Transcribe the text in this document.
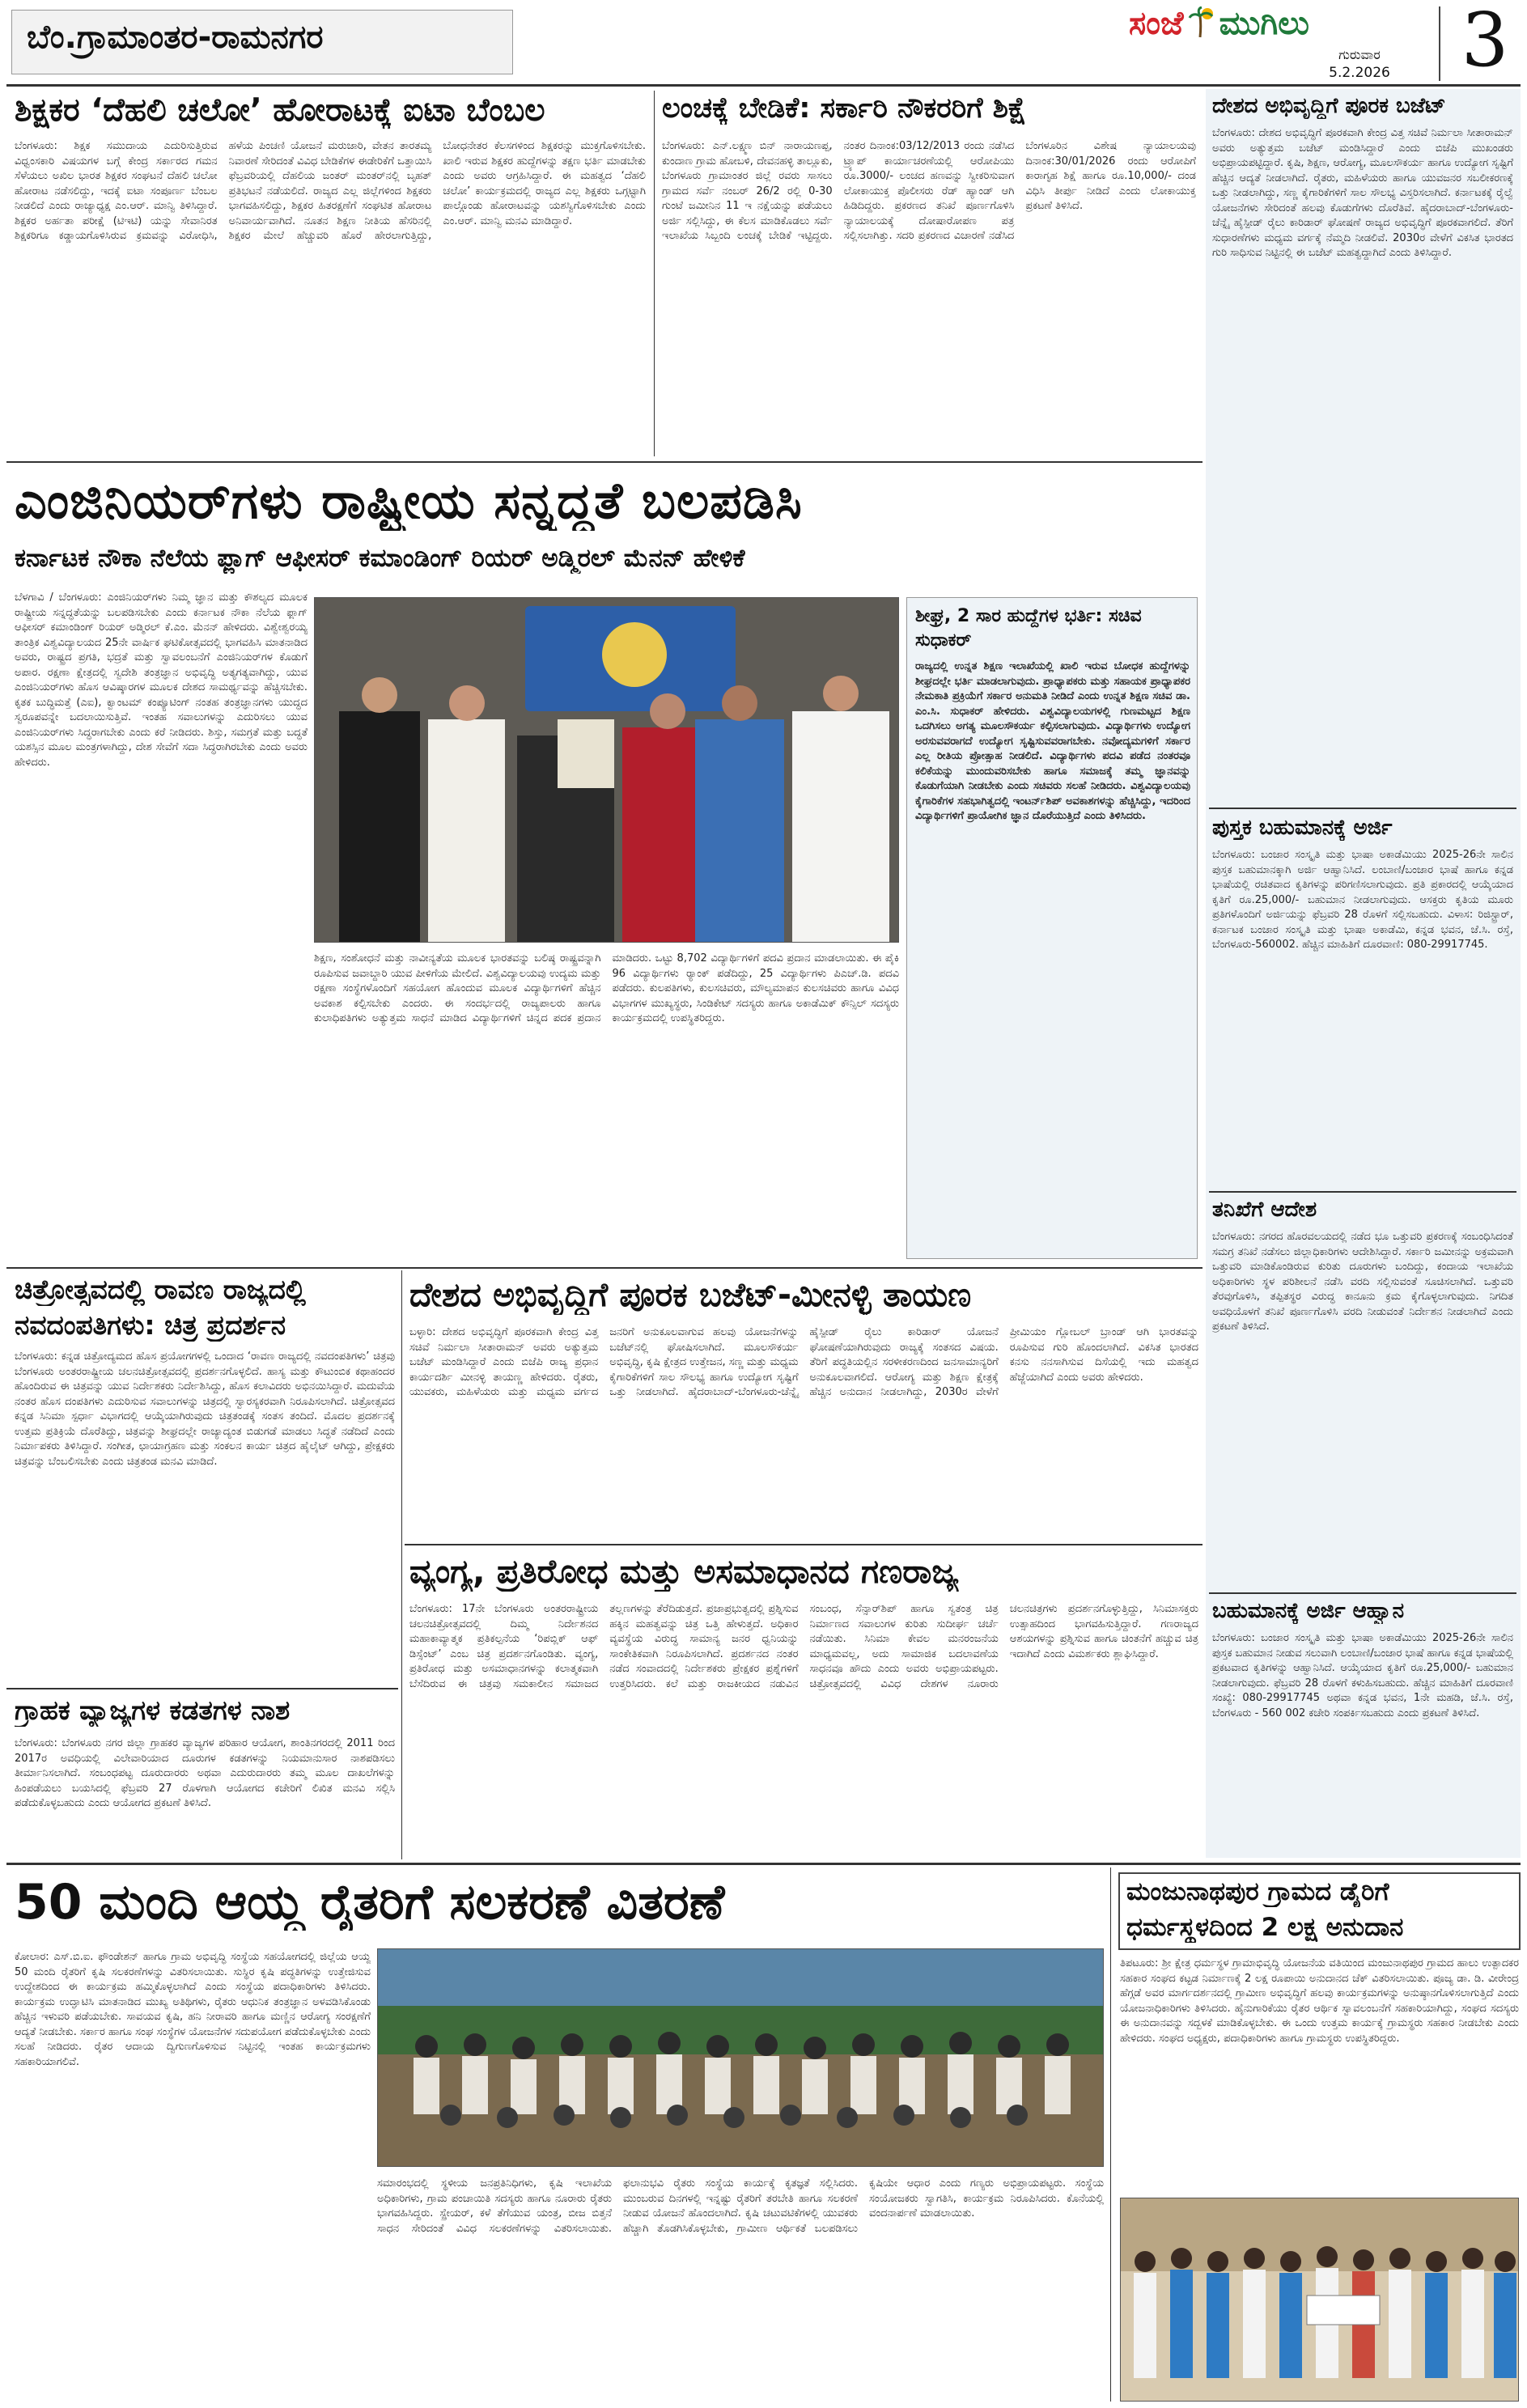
ಬೆಂ.ಗ್ರಾಮಾಂತರ-ರಾಮನಗರ	ಸಂಜೆ ಮುಗಿಲು
ಗುರುವಾರ
5.2.2026 3
ಶಿಕ್ಷಕರ ‘ದೆಹಲಿ ಚಲೋ’ ಹೋರಾಟಕ್ಕೆ ಐಟಾ ಬೆಂಬಲ
ಬೆಂಗಳೂರು: ಶಿಕ್ಷಕ ಸಮುದಾಯ ಎದುರಿಸುತ್ತಿರುವ ವಿಧ್ವಂಸಕಾರಿ ವಿಷಯಗಳ ಬಗ್ಗೆ ಕೇಂದ್ರ ಸರ್ಕಾರದ ಗಮನ ಸೆಳೆಯಲು ಅಖಿಲ ಭಾರತ ಶಿಕ್ಷಕರ ಸಂಘಟನೆ ದೆಹಲಿ ಚಲೋ ಹೋರಾಟ ನಡೆಸಲಿದ್ದು, ಇದಕ್ಕೆ ಐಟಾ ಸಂಪೂರ್ಣ ಬೆಂಬಲ ನೀಡಲಿದೆ ಎಂದು ರಾಜ್ಯಾಧ್ಯಕ್ಷ ಎಂ.ಆರ್. ಮಾನ್ವಿ ತಿಳಿಸಿದ್ದಾರೆ. ಶಿಕ್ಷಕರ ಅರ್ಹತಾ ಪರೀಕ್ಷೆ (ಟಿಇಟಿ) ಯನ್ನು ಸೇವಾನಿರತ ಶಿಕ್ಷಕರಿಗೂ ಕಡ್ಡಾಯಗೊಳಿಸಿರುವ ಕ್ರಮವನ್ನು ವಿರೋಧಿಸಿ, ಹಳೆಯ ಪಿಂಚಣಿ ಯೋಜನೆ ಮರುಜಾರಿ, ವೇತನ ತಾರತಮ್ಯ ನಿವಾರಣೆ ಸೇರಿದಂತೆ ವಿವಿಧ ಬೇಡಿಕೆಗಳ ಈಡೇರಿಕೆಗೆ ಒತ್ತಾಯಿಸಿ ಫೆಬ್ರವರಿಯಲ್ಲಿ ದೆಹಲಿಯ ಜಂತರ್ ಮಂತರ್‌ನಲ್ಲಿ ಬೃಹತ್ ಪ್ರತಿಭಟನೆ ನಡೆಯಲಿದೆ. ರಾಜ್ಯದ ಎಲ್ಲ ಜಿಲ್ಲೆಗಳಿಂದ ಶಿಕ್ಷಕರು ಭಾಗವಹಿಸಲಿದ್ದು, ಶಿಕ್ಷಕರ ಹಿತರಕ್ಷಣೆಗೆ ಸಂಘಟಿತ ಹೋರಾಟ ಅನಿವಾರ್ಯವಾಗಿದೆ. ನೂತನ ಶಿಕ್ಷಣ ನೀತಿಯ ಹೆಸರಿನಲ್ಲಿ ಶಿಕ್ಷಕರ ಮೇಲೆ ಹೆಚ್ಚುವರಿ ಹೊರೆ ಹೇರಲಾಗುತ್ತಿದ್ದು, ಬೋಧನೇತರ ಕೆಲಸಗಳಿಂದ ಶಿಕ್ಷಕರನ್ನು ಮುಕ್ತಗೊಳಿಸಬೇಕು. ಖಾಲಿ ಇರುವ ಶಿಕ್ಷಕರ ಹುದ್ದೆಗಳನ್ನು ತಕ್ಷಣ ಭರ್ತಿ ಮಾಡಬೇಕು ಎಂದು ಅವರು ಆಗ್ರಹಿಸಿದ್ದಾರೆ. ಈ ಮಹತ್ವದ ‘ದೆಹಲಿ ಚಲೋ’ ಕಾರ್ಯಕ್ರಮದಲ್ಲಿ ರಾಜ್ಯದ ಎಲ್ಲ ಶಿಕ್ಷಕರು ಒಗ್ಗಟ್ಟಾಗಿ ಪಾಲ್ಗೊಂಡು ಹೋರಾಟವನ್ನು ಯಶಸ್ವಿಗೊಳಿಸಬೇಕು ಎಂದು ಎಂ.ಆರ್. ಮಾನ್ವಿ ಮನವಿ ಮಾಡಿದ್ದಾರೆ.
ಲಂಚಕ್ಕೆ ಬೇಡಿಕೆ: ಸರ್ಕಾರಿ ನೌಕರರಿಗೆ ಶಿಕ್ಷೆ
ಬೆಂಗಳೂರು: ಎನ್.ಲಕ್ಷ್ಮಣ ಬಿನ್ ನಾರಾಯಣಪ್ಪ, ಕುಂದಾಣ ಗ್ರಾಮ ಹೋಬಳಿ, ದೇವನಹಳ್ಳಿ ತಾಲ್ಲೂಕು, ಬೆಂಗಳೂರು ಗ್ರಾಮಾಂತರ ಜಿಲ್ಲೆ ರವರು ಸಾಸಲು ಗ್ರಾಮದ ಸರ್ವೆ ನಂಬರ್ 26/2 ರಲ್ಲಿ 0-30 ಗುಂಟೆ ಜಮೀನಿನ 11 ಇ ನಕ್ಷೆಯನ್ನು ಪಡೆಯಲು ಅರ್ಜಿ ಸಲ್ಲಿಸಿದ್ದು, ಈ ಕೆಲಸ ಮಾಡಿಕೊಡಲು ಸರ್ವೆ ಇಲಾಖೆಯ ಸಿಬ್ಬಂದಿ ಲಂಚಕ್ಕೆ ಬೇಡಿಕೆ ಇಟ್ಟಿದ್ದರು. ನಂತರ ದಿನಾಂಕ:03/12/2013 ರಂದು ನಡೆಸಿದ ಟ್ರ್ಯಾಪ್ ಕಾರ್ಯಾಚರಣೆಯಲ್ಲಿ ಆರೋಪಿಯು ರೂ.3000/- ಲಂಚದ ಹಣವನ್ನು ಸ್ವೀಕರಿಸುವಾಗ ಲೋಕಾಯುಕ್ತ ಪೊಲೀಸರು ರೆಡ್ ಹ್ಯಾಂಡ್ ಆಗಿ ಹಿಡಿದಿದ್ದರು. ಪ್ರಕರಣದ ತನಿಖೆ ಪೂರ್ಣಗೊಳಿಸಿ ನ್ಯಾಯಾಲಯಕ್ಕೆ ದೋಷಾರೋಪಣ ಪತ್ರ ಸಲ್ಲಿಸಲಾಗಿತ್ತು. ಸದರಿ ಪ್ರಕರಣದ ವಿಚಾರಣೆ ನಡೆಸಿದ ಬೆಂಗಳೂರಿನ ವಿಶೇಷ ನ್ಯಾಯಾಲಯವು ದಿನಾಂಕ:30/01/2026 ರಂದು ಆರೋಪಿಗೆ ಕಾರಾಗೃಹ ಶಿಕ್ಷೆ ಹಾಗೂ ರೂ.10,000/- ದಂಡ ವಿಧಿಸಿ ತೀರ್ಪು ನೀಡಿದೆ ಎಂದು ಲೋಕಾಯುಕ್ತ ಪ್ರಕಟಣೆ ತಿಳಿಸಿದೆ.
ದೇಶದ ಅಭಿವೃದ್ಧಿಗೆ ಪೂರಕ ಬಜೆಟ್
ಬೆಂಗಳೂರು: ದೇಶದ ಅಭಿವೃದ್ಧಿಗೆ ಪೂರಕವಾಗಿ ಕೇಂದ್ರ ವಿತ್ತ ಸಚಿವೆ ನಿರ್ಮಲಾ ಸೀತಾರಾಮನ್ ಅವರು ಅತ್ಯುತ್ತಮ ಬಜೆಟ್ ಮಂಡಿಸಿದ್ದಾರೆ ಎಂದು ಬಿಜೆಪಿ ಮುಖಂಡರು ಅಭಿಪ್ರಾಯಪಟ್ಟಿದ್ದಾರೆ. ಕೃಷಿ, ಶಿಕ್ಷಣ, ಆರೋಗ್ಯ, ಮೂಲಸೌಕರ್ಯ ಹಾಗೂ ಉದ್ಯೋಗ ಸೃಷ್ಟಿಗೆ ಹೆಚ್ಚಿನ ಆದ್ಯತೆ ನೀಡಲಾಗಿದೆ. ರೈತರು, ಮಹಿಳೆಯರು ಹಾಗೂ ಯುವಜನರ ಸಬಲೀಕರಣಕ್ಕೆ ಒತ್ತು ನೀಡಲಾಗಿದ್ದು, ಸಣ್ಣ ಕೈಗಾರಿಕೆಗಳಿಗೆ ಸಾಲ ಸೌಲಭ್ಯ ವಿಸ್ತರಿಸಲಾಗಿದೆ. ಕರ್ನಾಟಕಕ್ಕೆ ರೈಲ್ವೆ ಯೋಜನೆಗಳು ಸೇರಿದಂತೆ ಹಲವು ಕೊಡುಗೆಗಳು ದೊರೆತಿವೆ. ಹೈದರಾಬಾದ್-ಬೆಂಗಳೂರು-ಚೆನ್ನೈ ಹೈಸ್ಪೀಡ್ ರೈಲು ಕಾರಿಡಾರ್ ಘೋಷಣೆ ರಾಜ್ಯದ ಅಭಿವೃದ್ಧಿಗೆ ಪೂರಕವಾಗಲಿದೆ. ತೆರಿಗೆ ಸುಧಾರಣೆಗಳು ಮಧ್ಯಮ ವರ್ಗಕ್ಕೆ ನೆಮ್ಮದಿ ನೀಡಲಿವೆ. 2030ರ ವೇಳೆಗೆ ವಿಕಸಿತ ಭಾರತದ ಗುರಿ ಸಾಧಿಸುವ ನಿಟ್ಟಿನಲ್ಲಿ ಈ ಬಜೆಟ್ ಮಹತ್ವದ್ದಾಗಿದೆ ಎಂದು ತಿಳಿಸಿದ್ದಾರೆ.
ಪುಸ್ತಕ ಬಹುಮಾನಕ್ಕೆ ಅರ್ಜಿ
ಬೆಂಗಳೂರು: ಬಂಜಾರ ಸಂಸ್ಕೃತಿ ಮತ್ತು ಭಾಷಾ ಅಕಾಡೆಮಿಯು 2025-26ನೇ ಸಾಲಿನ ಪುಸ್ತಕ ಬಹುಮಾನಕ್ಕಾಗಿ ಅರ್ಜಿ ಆಹ್ವಾನಿಸಿದೆ. ಲಂಬಾಣಿ/ಬಂಜಾರ ಭಾಷೆ ಹಾಗೂ ಕನ್ನಡ ಭಾಷೆಯಲ್ಲಿ ರಚಿತವಾದ ಕೃತಿಗಳನ್ನು ಪರಿಗಣಿಸಲಾಗುವುದು. ಪ್ರತಿ ಪ್ರಕಾರದಲ್ಲಿ ಆಯ್ಕೆಯಾದ ಕೃತಿಗೆ ರೂ.25,000/- ಬಹುಮಾನ ನೀಡಲಾಗುವುದು. ಆಸಕ್ತರು ಕೃತಿಯ ಮೂರು ಪ್ರತಿಗಳೊಂದಿಗೆ ಅರ್ಜಿಯನ್ನು ಫೆಬ್ರವರಿ 28 ರೊಳಗೆ ಸಲ್ಲಿಸಬಹುದು. ವಿಳಾಸ: ರಿಜಿಸ್ಟ್ರಾರ್, ಕರ್ನಾಟಕ ಬಂಜಾರ ಸಂಸ್ಕೃತಿ ಮತ್ತು ಭಾಷಾ ಅಕಾಡೆಮಿ, ಕನ್ನಡ ಭವನ, ಜೆ.ಸಿ. ರಸ್ತೆ, ಬೆಂಗಳೂರು-560002. ಹೆಚ್ಚಿನ ಮಾಹಿತಿಗೆ ದೂರವಾಣಿ: 080-29917745.
ತನಿಖೆಗೆ ಆದೇಶ
ಬೆಂಗಳೂರು: ನಗರದ ಹೊರವಲಯದಲ್ಲಿ ನಡೆದ ಭೂ ಒತ್ತುವರಿ ಪ್ರಕರಣಕ್ಕೆ ಸಂಬಂಧಿಸಿದಂತೆ ಸಮಗ್ರ ತನಿಖೆ ನಡೆಸಲು ಜಿಲ್ಲಾಧಿಕಾರಿಗಳು ಆದೇಶಿಸಿದ್ದಾರೆ. ಸರ್ಕಾರಿ ಜಮೀನನ್ನು ಅಕ್ರಮವಾಗಿ ಒತ್ತುವರಿ ಮಾಡಿಕೊಂಡಿರುವ ಕುರಿತು ದೂರುಗಳು ಬಂದಿದ್ದು, ಕಂದಾಯ ಇಲಾಖೆಯ ಅಧಿಕಾರಿಗಳು ಸ್ಥಳ ಪರಿಶೀಲನೆ ನಡೆಸಿ ವರದಿ ಸಲ್ಲಿಸುವಂತೆ ಸೂಚಿಸಲಾಗಿದೆ. ಒತ್ತುವರಿ ತೆರವುಗೊಳಿಸಿ, ತಪ್ಪಿತಸ್ಥರ ವಿರುದ್ಧ ಕಾನೂನು ಕ್ರಮ ಕೈಗೊಳ್ಳಲಾಗುವುದು. ನಿಗದಿತ ಅವಧಿಯೊಳಗೆ ತನಿಖೆ ಪೂರ್ಣಗೊಳಿಸಿ ವರದಿ ನೀಡುವಂತೆ ನಿರ್ದೇಶನ ನೀಡಲಾಗಿದೆ ಎಂದು ಪ್ರಕಟಣೆ ತಿಳಿಸಿದೆ.
ಬಹುಮಾನಕ್ಕೆ ಅರ್ಜಿ ಆಹ್ವಾನ
ಬೆಂಗಳೂರು: ಬಂಜಾರ ಸಂಸ್ಕೃತಿ ಮತ್ತು ಭಾಷಾ ಅಕಾಡೆಮಿಯು 2025-26ನೇ ಸಾಲಿನ ಪುಸ್ತಕ ಬಹುಮಾನ ನೀಡುವ ಸಲುವಾಗಿ ಲಂಬಾಣಿ/ಬಂಜಾರ ಭಾಷೆ ಹಾಗೂ ಕನ್ನಡ ಭಾಷೆಯಲ್ಲಿ ಪ್ರಕಟವಾದ ಕೃತಿಗಳನ್ನು ಆಹ್ವಾನಿಸಿದೆ. ಆಯ್ಕೆಯಾದ ಕೃತಿಗೆ ರೂ.25,000/- ಬಹುಮಾನ ನೀಡಲಾಗುವುದು. ಫೆಬ್ರವರಿ 28 ರೊಳಗೆ ಕಳುಹಿಸಬಹುದು. ಹೆಚ್ಚಿನ ಮಾಹಿತಿಗೆ ದೂರವಾಣಿ ಸಂಖ್ಯೆ: 080-29917745 ಅಥವಾ ಕನ್ನಡ ಭವನ, 1ನೇ ಮಹಡಿ, ಜೆ.ಸಿ. ರಸ್ತೆ, ಬೆಂಗಳೂರು - 560 002 ಕಚೇರಿ ಸಂಪರ್ಕಿಸಬಹುದು ಎಂದು ಪ್ರಕಟಣೆ ತಿಳಿಸಿದೆ.
ಎಂಜಿನಿಯರ್‌ಗಳು ರಾಷ್ಟ್ರೀಯ ಸನ್ನದ್ಧತೆ ಬಲಪಡಿಸಿ
ಕರ್ನಾಟಕ ನೌಕಾ ನೆಲೆಯ ಫ್ಲಾಗ್ ಆಫೀಸರ್ ಕಮಾಂಡಿಂಗ್ ರಿಯರ್ ಅಡ್ಮಿರಲ್ ಮೆನನ್ ಹೇಳಿಕೆ
ಬೆಳಗಾವಿ / ಬೆಂಗಳೂರು: ಎಂಜಿನಿಯರ್‌ಗಳು ನಿಮ್ಮ ಜ್ಞಾನ ಮತ್ತು ಕೌಶಲ್ಯದ ಮೂಲಕ ರಾಷ್ಟ್ರೀಯ ಸನ್ನದ್ಧತೆಯನ್ನು ಬಲಪಡಿಸಬೇಕು ಎಂದು ಕರ್ನಾಟಕ ನೌಕಾ ನೆಲೆಯ ಫ್ಲಾಗ್ ಆಫೀಸರ್ ಕಮಾಂಡಿಂಗ್ ರಿಯರ್ ಅಡ್ಮಿರಲ್ ಕೆ.ಎಂ. ಮೆನನ್ ಹೇಳಿದರು. ವಿಶ್ವೇಶ್ವರಯ್ಯ ತಾಂತ್ರಿಕ ವಿಶ್ವವಿದ್ಯಾಲಯದ 25ನೇ ವಾರ್ಷಿಕ ಘಟಿಕೋತ್ಸವದಲ್ಲಿ ಭಾಗವಹಿಸಿ ಮಾತನಾಡಿದ ಅವರು, ರಾಷ್ಟ್ರದ ಪ್ರಗತಿ, ಭದ್ರತೆ ಮತ್ತು ಸ್ವಾವಲಂಬನೆಗೆ ಎಂಜಿನಿಯರ್‌ಗಳ ಕೊಡುಗೆ ಅಪಾರ. ರಕ್ಷಣಾ ಕ್ಷೇತ್ರದಲ್ಲಿ ಸ್ವದೇಶಿ ತಂತ್ರಜ್ಞಾನ ಅಭಿವೃದ್ಧಿ ಅತ್ಯಗತ್ಯವಾಗಿದ್ದು, ಯುವ ಎಂಜಿನಿಯರ್‌ಗಳು ಹೊಸ ಆವಿಷ್ಕಾರಗಳ ಮೂಲಕ ದೇಶದ ಸಾಮರ್ಥ್ಯವನ್ನು ಹೆಚ್ಚಿಸಬೇಕು. ಕೃತಕ ಬುದ್ಧಿಮತ್ತೆ (ಎಐ), ಕ್ವಾಂಟಮ್ ಕಂಪ್ಯೂಟಿಂಗ್ ನಂತಹ ತಂತ್ರಜ್ಞಾನಗಳು ಯುದ್ಧದ ಸ್ವರೂಪವನ್ನೇ ಬದಲಾಯಿಸುತ್ತಿವೆ. ಇಂತಹ ಸವಾಲುಗಳನ್ನು ಎದುರಿಸಲು ಯುವ ಎಂಜಿನಿಯರ್‌ಗಳು ಸಿದ್ಧರಾಗಬೇಕು ಎಂದು ಕರೆ ನೀಡಿದರು. ಶಿಸ್ತು, ಸಮಗ್ರತೆ ಮತ್ತು ಬದ್ಧತೆ ಯಶಸ್ಸಿನ ಮೂಲ ಮಂತ್ರಗಳಾಗಿದ್ದು, ದೇಶ ಸೇವೆಗೆ ಸದಾ ಸಿದ್ಧರಾಗಿರಬೇಕು ಎಂದು ಅವರು ಹೇಳಿದರು.
ಶಿಕ್ಷಣ, ಸಂಶೋಧನೆ ಮತ್ತು ನಾವೀನ್ಯತೆಯ ಮೂಲಕ ಭಾರತವನ್ನು ಬಲಿಷ್ಠ ರಾಷ್ಟ್ರವನ್ನಾಗಿ ರೂಪಿಸುವ ಜವಾಬ್ದಾರಿ ಯುವ ಪೀಳಿಗೆಯ ಮೇಲಿದೆ. ವಿಶ್ವವಿದ್ಯಾಲಯವು ಉದ್ಯಮ ಮತ್ತು ರಕ್ಷಣಾ ಸಂಸ್ಥೆಗಳೊಂದಿಗೆ ಸಹಯೋಗ ಹೊಂದುವ ಮೂಲಕ ವಿದ್ಯಾರ್ಥಿಗಳಿಗೆ ಹೆಚ್ಚಿನ ಅವಕಾಶ ಕಲ್ಪಿಸಬೇಕು ಎಂದರು. ಈ ಸಂದರ್ಭದಲ್ಲಿ ರಾಜ್ಯಪಾಲರು ಹಾಗೂ ಕುಲಾಧಿಪತಿಗಳು ಅತ್ಯುತ್ತಮ ಸಾಧನೆ ಮಾಡಿದ ವಿದ್ಯಾರ್ಥಿಗಳಿಗೆ ಚಿನ್ನದ ಪದಕ ಪ್ರದಾನ ಮಾಡಿದರು. ಒಟ್ಟು 8,702 ವಿದ್ಯಾರ್ಥಿಗಳಿಗೆ ಪದವಿ ಪ್ರದಾನ ಮಾಡಲಾಯಿತು. ಈ ಪೈಕಿ 96 ವಿದ್ಯಾರ್ಥಿಗಳು ರ್‍ಯಾಂಕ್ ಪಡೆದಿದ್ದು, 25 ವಿದ್ಯಾರ್ಥಿಗಳು ಪಿಎಚ್.ಡಿ. ಪದವಿ ಪಡೆದರು. ಕುಲಪತಿಗಳು, ಕುಲಸಚಿವರು, ಮೌಲ್ಯಮಾಪನ ಕುಲಸಚಿವರು ಹಾಗೂ ವಿವಿಧ ವಿಭಾಗಗಳ ಮುಖ್ಯಸ್ಥರು, ಸಿಂಡಿಕೇಟ್ ಸದಸ್ಯರು ಹಾಗೂ ಅಕಾಡೆಮಿಕ್ ಕೌನ್ಸಿಲ್ ಸದಸ್ಯರು ಕಾರ್ಯಕ್ರಮದಲ್ಲಿ ಉಪಸ್ಥಿತರಿದ್ದರು.
ಶೀಘ್ರ, 2 ಸಾರ ಹುದ್ದೆಗಳ ಭರ್ತಿ: ಸಚಿವ ಸುಧಾಕರ್
ರಾಜ್ಯದಲ್ಲಿ ಉನ್ನತ ಶಿಕ್ಷಣ ಇಲಾಖೆಯಲ್ಲಿ ಖಾಲಿ ಇರುವ ಬೋಧಕ ಹುದ್ದೆಗಳನ್ನು ಶೀಘ್ರದಲ್ಲೇ ಭರ್ತಿ ಮಾಡಲಾಗುವುದು. ಪ್ರಾಧ್ಯಾಪಕರು ಮತ್ತು ಸಹಾಯಕ ಪ್ರಾಧ್ಯಾಪಕರ ನೇಮಕಾತಿ ಪ್ರಕ್ರಿಯೆಗೆ ಸರ್ಕಾರ ಅನುಮತಿ ನೀಡಿದೆ ಎಂದು ಉನ್ನತ ಶಿಕ್ಷಣ ಸಚಿವ ಡಾ. ಎಂ.ಸಿ. ಸುಧಾಕರ್ ಹೇಳಿದರು. ವಿಶ್ವವಿದ್ಯಾಲಯಗಳಲ್ಲಿ ಗುಣಮಟ್ಟದ ಶಿಕ್ಷಣ ಒದಗಿಸಲು ಅಗತ್ಯ ಮೂಲಸೌಕರ್ಯ ಕಲ್ಪಿಸಲಾಗುವುದು. ವಿದ್ಯಾರ್ಥಿಗಳು ಉದ್ಯೋಗ ಅರಸುವವರಾಗದೆ ಉದ್ಯೋಗ ಸೃಷ್ಟಿಸುವವರಾಗಬೇಕು. ನವೋದ್ಯಮಗಳಿಗೆ ಸರ್ಕಾರ ಎಲ್ಲ ರೀತಿಯ ಪ್ರೋತ್ಸಾಹ ನೀಡಲಿದೆ. ವಿದ್ಯಾರ್ಥಿಗಳು ಪದವಿ ಪಡೆದ ನಂತರವೂ ಕಲಿಕೆಯನ್ನು ಮುಂದುವರಿಸಬೇಕು ಹಾಗೂ ಸಮಾಜಕ್ಕೆ ತಮ್ಮ ಜ್ಞಾನವನ್ನು ಕೊಡುಗೆಯಾಗಿ ನೀಡಬೇಕು ಎಂದು ಸಚಿವರು ಸಲಹೆ ನೀಡಿದರು. ವಿಶ್ವವಿದ್ಯಾಲಯವು ಕೈಗಾರಿಕೆಗಳ ಸಹಭಾಗಿತ್ವದಲ್ಲಿ ಇಂಟರ್ನ್‌ಶಿಪ್ ಅವಕಾಶಗಳನ್ನು ಹೆಚ್ಚಿಸಿದ್ದು, ಇದರಿಂದ ವಿದ್ಯಾರ್ಥಿಗಳಿಗೆ ಪ್ರಾಯೋಗಿಕ ಜ್ಞಾನ ದೊರೆಯುತ್ತಿದೆ ಎಂದು ತಿಳಿಸಿದರು.
ಚಿತ್ರೋತ್ಸವದಲ್ಲಿ ರಾವಣ ರಾಜ್ಯದಲ್ಲಿ
ನವದಂಪತಿಗಳು: ಚಿತ್ರ ಪ್ರದರ್ಶನ
ಬೆಂಗಳೂರು: ಕನ್ನಡ ಚಿತ್ರೋದ್ಯಮದ ಹೊಸ ಪ್ರಯೋಗಗಳಲ್ಲಿ ಒಂದಾದ ‘ರಾವಣ ರಾಜ್ಯದಲ್ಲಿ ನವದಂಪತಿಗಳು’ ಚಿತ್ರವು ಬೆಂಗಳೂರು ಅಂತರರಾಷ್ಟ್ರೀಯ ಚಲನಚಿತ್ರೋತ್ಸವದಲ್ಲಿ ಪ್ರದರ್ಶನಗೊಳ್ಳಲಿದೆ. ಹಾಸ್ಯ ಮತ್ತು ಕೌಟುಂಬಿಕ ಕಥಾಹಂದರ ಹೊಂದಿರುವ ಈ ಚಿತ್ರವನ್ನು ಯುವ ನಿರ್ದೇಶಕರು ನಿರ್ದೇಶಿಸಿದ್ದು, ಹೊಸ ಕಲಾವಿದರು ಅಭಿನಯಿಸಿದ್ದಾರೆ. ಮದುವೆಯ ನಂತರ ಹೊಸ ದಂಪತಿಗಳು ಎದುರಿಸುವ ಸವಾಲುಗಳನ್ನು ಚಿತ್ರದಲ್ಲಿ ಸ್ವಾರಸ್ಯಕರವಾಗಿ ನಿರೂಪಿಸಲಾಗಿದೆ. ಚಿತ್ರೋತ್ಸವದ ಕನ್ನಡ ಸಿನಿಮಾ ಸ್ಪರ್ಧಾ ವಿಭಾಗದಲ್ಲಿ ಆಯ್ಕೆಯಾಗಿರುವುದು ಚಿತ್ರತಂಡಕ್ಕೆ ಸಂತಸ ತಂದಿದೆ. ಮೊದಲ ಪ್ರದರ್ಶನಕ್ಕೆ ಉತ್ತಮ ಪ್ರತಿಕ್ರಿಯೆ ದೊರೆತಿದ್ದು, ಚಿತ್ರವನ್ನು ಶೀಘ್ರದಲ್ಲೇ ರಾಜ್ಯಾದ್ಯಂತ ಬಿಡುಗಡೆ ಮಾಡಲು ಸಿದ್ಧತೆ ನಡೆದಿದೆ ಎಂದು ನಿರ್ಮಾಪಕರು ತಿಳಿಸಿದ್ದಾರೆ. ಸಂಗೀತ, ಛಾಯಾಗ್ರಹಣ ಮತ್ತು ಸಂಕಲನ ಕಾರ್ಯ ಚಿತ್ರದ ಹೈಲೈಟ್ ಆಗಿದ್ದು, ಪ್ರೇಕ್ಷಕರು ಚಿತ್ರವನ್ನು ಬೆಂಬಲಿಸಬೇಕು ಎಂದು ಚಿತ್ರತಂಡ ಮನವಿ ಮಾಡಿದೆ.
ಗ್ರಾಹಕ ವ್ಯಾಜ್ಯಗಳ ಕಡತಗಳ ನಾಶ
ಬೆಂಗಳೂರು: ಬೆಂಗಳೂರು ನಗರ ಜಿಲ್ಲಾ ಗ್ರಾಹಕರ ವ್ಯಾಜ್ಯಗಳ ಪರಿಹಾರ ಆಯೋಗ, ಶಾಂತಿನಗರದಲ್ಲಿ 2011 ರಿಂದ 2017ರ ಅವಧಿಯಲ್ಲಿ ವಿಲೇವಾರಿಯಾದ ದೂರುಗಳ ಕಡತಗಳನ್ನು ನಿಯಮಾನುಸಾರ ನಾಶಪಡಿಸಲು ತೀರ್ಮಾನಿಸಲಾಗಿದೆ. ಸಂಬಂಧಪಟ್ಟ ದೂರುದಾರರು ಅಥವಾ ಎದುರುದಾರರು ತಮ್ಮ ಮೂಲ ದಾಖಲೆಗಳನ್ನು ಹಿಂಪಡೆಯಲು ಬಯಸಿದಲ್ಲಿ ಫೆಬ್ರವರಿ 27 ರೊಳಗಾಗಿ ಆಯೋಗದ ಕಚೇರಿಗೆ ಲಿಖಿತ ಮನವಿ ಸಲ್ಲಿಸಿ ಪಡೆದುಕೊಳ್ಳಬಹುದು ಎಂದು ಆಯೋಗದ ಪ್ರಕಟಣೆ ತಿಳಿಸಿದೆ.
ದೇಶದ ಅಭಿವೃದ್ಧಿಗೆ ಪೂರಕ ಬಜೆಟ್-ಮೀನಳ್ಳಿ ತಾಯಣ
ಬಳ್ಳಾರಿ: ದೇಶದ ಅಭಿವೃದ್ಧಿಗೆ ಪೂರಕವಾಗಿ ಕೇಂದ್ರ ವಿತ್ತ ಸಚಿವೆ ನಿರ್ಮಲಾ ಸೀತಾರಾಮನ್ ಅವರು ಅತ್ಯುತ್ತಮ ಬಜೆಟ್ ಮಂಡಿಸಿದ್ದಾರೆ ಎಂದು ಬಿಜೆಪಿ ರಾಜ್ಯ ಪ್ರಧಾನ ಕಾರ್ಯದರ್ಶಿ ಮೀನಳ್ಳಿ ತಾಯಣ್ಣ ಹೇಳಿದರು. ರೈತರು, ಯುವಕರು, ಮಹಿಳೆಯರು ಮತ್ತು ಮಧ್ಯಮ ವರ್ಗದ ಜನರಿಗೆ ಅನುಕೂಲವಾಗುವ ಹಲವು ಯೋಜನೆಗಳನ್ನು ಬಜೆಟ್‌ನಲ್ಲಿ ಘೋಷಿಸಲಾಗಿದೆ. ಮೂಲಸೌಕರ್ಯ ಅಭಿವೃದ್ಧಿ, ಕೃಷಿ ಕ್ಷೇತ್ರದ ಉತ್ತೇಜನ, ಸಣ್ಣ ಮತ್ತು ಮಧ್ಯಮ ಕೈಗಾರಿಕೆಗಳಿಗೆ ಸಾಲ ಸೌಲಭ್ಯ ಹಾಗೂ ಉದ್ಯೋಗ ಸೃಷ್ಟಿಗೆ ಒತ್ತು ನೀಡಲಾಗಿದೆ. ಹೈದರಾಬಾದ್-ಬೆಂಗಳೂರು-ಚೆನ್ನೈ ಹೈಸ್ಪೀಡ್ ರೈಲು ಕಾರಿಡಾರ್ ಯೋಜನೆ ಘೋಷಣೆಯಾಗಿರುವುದು ರಾಜ್ಯಕ್ಕೆ ಸಂತಸದ ವಿಷಯ. ತೆರಿಗೆ ಪದ್ಧತಿಯಲ್ಲಿನ ಸರಳೀಕರಣದಿಂದ ಜನಸಾಮಾನ್ಯರಿಗೆ ಅನುಕೂಲವಾಗಲಿದೆ. ಆರೋಗ್ಯ ಮತ್ತು ಶಿಕ್ಷಣ ಕ್ಷೇತ್ರಕ್ಕೆ ಹೆಚ್ಚಿನ ಅನುದಾನ ನೀಡಲಾಗಿದ್ದು, 2030ರ ವೇಳೆಗೆ ಪ್ರೀಮಿಯಂ ಗ್ಲೋಬಲ್ ಬ್ರಾಂಡ್ ಆಗಿ ಭಾರತವನ್ನು ರೂಪಿಸುವ ಗುರಿ ಹೊಂದಲಾಗಿದೆ. ವಿಕಸಿತ ಭಾರತದ ಕನಸು ನನಸಾಗಿಸುವ ದಿಸೆಯಲ್ಲಿ ಇದು ಮಹತ್ವದ ಹೆಜ್ಜೆಯಾಗಿದೆ ಎಂದು ಅವರು ಹೇಳಿದರು.
ವ್ಯಂಗ್ಯ, ಪ್ರತಿರೋಧ ಮತ್ತು ಅಸಮಾಧಾನದ ಗಣರಾಜ್ಯ
ಬೆಂಗಳೂರು: 17ನೇ ಬೆಂಗಳೂರು ಅಂತರರಾಷ್ಟ್ರೀಯ ಚಲನಚಿತ್ರೋತ್ಸವದಲ್ಲಿ ದಿಮ್ಮ ನಿರ್ದೇಶನದ ಮಹಾಕಾವ್ಯಾತ್ಮಕ ಪ್ರತಿಕಲ್ಪನೆಯ ‘ರಿಪಬ್ಲಿಕ್ ಆಫ್ ಡಿಸ್ಸೆಂಟ್’ ಎಂಬ ಚಿತ್ರ ಪ್ರದರ್ಶನಗೊಂಡಿತು. ವ್ಯಂಗ್ಯ, ಪ್ರತಿರೋಧ ಮತ್ತು ಅಸಮಾಧಾನಗಳನ್ನು ಕಲಾತ್ಮಕವಾಗಿ ಬೆಸೆದಿರುವ ಈ ಚಿತ್ರವು ಸಮಕಾಲೀನ ಸಮಾಜದ ತಲ್ಲಣಗಳನ್ನು ತೆರೆದಿಡುತ್ತದೆ. ಪ್ರಜಾಪ್ರಭುತ್ವದಲ್ಲಿ ಪ್ರಶ್ನಿಸುವ ಹಕ್ಕಿನ ಮಹತ್ವವನ್ನು ಚಿತ್ರ ಒತ್ತಿ ಹೇಳುತ್ತದೆ. ಅಧಿಕಾರ ವ್ಯವಸ್ಥೆಯ ವಿರುದ್ಧ ಸಾಮಾನ್ಯ ಜನರ ಧ್ವನಿಯನ್ನು ಸಾಂಕೇತಿಕವಾಗಿ ನಿರೂಪಿಸಲಾಗಿದೆ. ಪ್ರದರ್ಶನದ ನಂತರ ನಡೆದ ಸಂವಾದದಲ್ಲಿ ನಿರ್ದೇಶಕರು ಪ್ರೇಕ್ಷಕರ ಪ್ರಶ್ನೆಗಳಿಗೆ ಉತ್ತರಿಸಿದರು. ಕಲೆ ಮತ್ತು ರಾಜಕೀಯದ ನಡುವಿನ ಸಂಬಂಧ, ಸೆನ್ಸಾರ್‌ಶಿಪ್ ಹಾಗೂ ಸ್ವತಂತ್ರ ಚಿತ್ರ ನಿರ್ಮಾಣದ ಸವಾಲುಗಳ ಕುರಿತು ಸುದೀರ್ಘ ಚರ್ಚೆ ನಡೆಯಿತು. ಸಿನಿಮಾ ಕೇವಲ ಮನರಂಜನೆಯ ಮಾಧ್ಯಮವಲ್ಲ, ಅದು ಸಾಮಾಜಿಕ ಬದಲಾವಣೆಯ ಸಾಧನವೂ ಹೌದು ಎಂದು ಅವರು ಅಭಿಪ್ರಾಯಪಟ್ಟರು. ಚಿತ್ರೋತ್ಸವದಲ್ಲಿ ವಿವಿಧ ದೇಶಗಳ ನೂರಾರು ಚಲನಚಿತ್ರಗಳು ಪ್ರದರ್ಶನಗೊಳ್ಳುತ್ತಿದ್ದು, ಸಿನಿಮಾಸಕ್ತರು ಉತ್ಸಾಹದಿಂದ ಭಾಗವಹಿಸುತ್ತಿದ್ದಾರೆ. ಗಣರಾಜ್ಯದ ಆಶಯಗಳನ್ನು ಪ್ರಶ್ನಿಸುವ ಹಾಗೂ ಚಿಂತನೆಗೆ ಹಚ್ಚುವ ಚಿತ್ರ ಇದಾಗಿದೆ ಎಂದು ವಿಮರ್ಶಕರು ಶ್ಲಾಘಿಸಿದ್ದಾರೆ.
50 ಮಂದಿ ಆಯ್ದ ರೈತರಿಗೆ ಸಲಕರಣೆ ವಿತರಣೆ
ಕೋಲಾರ: ಎಸ್.ಬಿ.ಐ. ಫೌಂಡೇಶನ್ ಹಾಗೂ ಗ್ರಾಮ ಅಭಿವೃದ್ಧಿ ಸಂಸ್ಥೆಯ ಸಹಯೋಗದಲ್ಲಿ ಜಿಲ್ಲೆಯ ಆಯ್ದ 50 ಮಂದಿ ರೈತರಿಗೆ ಕೃಷಿ ಸಲಕರಣೆಗಳನ್ನು ವಿತರಿಸಲಾಯಿತು. ಸುಸ್ಥಿರ ಕೃಷಿ ಪದ್ಧತಿಗಳನ್ನು ಉತ್ತೇಜಿಸುವ ಉದ್ದೇಶದಿಂದ ಈ ಕಾರ್ಯಕ್ರಮ ಹಮ್ಮಿಕೊಳ್ಳಲಾಗಿದೆ ಎಂದು ಸಂಸ್ಥೆಯ ಪದಾಧಿಕಾರಿಗಳು ತಿಳಿಸಿದರು. ಕಾರ್ಯಕ್ರಮ ಉದ್ಘಾಟಿಸಿ ಮಾತನಾಡಿದ ಮುಖ್ಯ ಅತಿಥಿಗಳು, ರೈತರು ಆಧುನಿಕ ತಂತ್ರಜ್ಞಾನ ಅಳವಡಿಸಿಕೊಂಡು ಹೆಚ್ಚಿನ ಇಳುವರಿ ಪಡೆಯಬೇಕು. ಸಾವಯವ ಕೃಷಿ, ಹನಿ ನೀರಾವರಿ ಹಾಗೂ ಮಣ್ಣಿನ ಆರೋಗ್ಯ ಸಂರಕ್ಷಣೆಗೆ ಆದ್ಯತೆ ನೀಡಬೇಕು. ಸರ್ಕಾರ ಹಾಗೂ ಸಂಘ ಸಂಸ್ಥೆಗಳ ಯೋಜನೆಗಳ ಸದುಪಯೋಗ ಪಡೆದುಕೊಳ್ಳಬೇಕು ಎಂದು ಸಲಹೆ ನೀಡಿದರು. ರೈತರ ಆದಾಯ ದ್ವಿಗುಣಗೊಳಿಸುವ ನಿಟ್ಟಿನಲ್ಲಿ ಇಂತಹ ಕಾರ್ಯಕ್ರಮಗಳು ಸಹಕಾರಿಯಾಗಲಿವೆ.
ಸಮಾರಂಭದಲ್ಲಿ ಸ್ಥಳೀಯ ಜನಪ್ರತಿನಿಧಿಗಳು, ಕೃಷಿ ಇಲಾಖೆಯ ಅಧಿಕಾರಿಗಳು, ಗ್ರಾಮ ಪಂಚಾಯಿತಿ ಸದಸ್ಯರು ಹಾಗೂ ನೂರಾರು ರೈತರು ಭಾಗವಹಿಸಿದ್ದರು. ಸ್ಪ್ರೇಯರ್, ಕಳೆ ತೆಗೆಯುವ ಯಂತ್ರ, ಬೀಜ ಬಿತ್ತನೆ ಸಾಧನ ಸೇರಿದಂತೆ ವಿವಿಧ ಸಲಕರಣೆಗಳನ್ನು ವಿತರಿಸಲಾಯಿತು. ಫಲಾನುಭವಿ ರೈತರು ಸಂಸ್ಥೆಯ ಕಾರ್ಯಕ್ಕೆ ಕೃತಜ್ಞತೆ ಸಲ್ಲಿಸಿದರು. ಮುಂಬರುವ ದಿನಗಳಲ್ಲಿ ಇನ್ನಷ್ಟು ರೈತರಿಗೆ ತರಬೇತಿ ಹಾಗೂ ಸಲಕರಣೆ ನೀಡುವ ಯೋಜನೆ ಹೊಂದಲಾಗಿದೆ. ಕೃಷಿ ಚಟುವಟಿಕೆಗಳಲ್ಲಿ ಯುವಕರು ಹೆಚ್ಚಾಗಿ ತೊಡಗಿಸಿಕೊಳ್ಳಬೇಕು, ಗ್ರಾಮೀಣ ಆರ್ಥಿಕತೆ ಬಲಪಡಿಸಲು ಕೃಷಿಯೇ ಆಧಾರ ಎಂದು ಗಣ್ಯರು ಅಭಿಪ್ರಾಯಪಟ್ಟರು. ಸಂಸ್ಥೆಯ ಸಂಯೋಜಕರು ಸ್ವಾಗತಿಸಿ, ಕಾರ್ಯಕ್ರಮ ನಿರೂಪಿಸಿದರು. ಕೊನೆಯಲ್ಲಿ ವಂದನಾರ್ಪಣೆ ಮಾಡಲಾಯಿತು.
ಮಂಜುನಾಥಪುರ ಗ್ರಾಮದ ಡೈರಿಗೆ
ಧರ್ಮಸ್ಥಳದಿಂದ 2 ಲಕ್ಷ ಅನುದಾನ
ತಿಪಟೂರು: ಶ್ರೀ ಕ್ಷೇತ್ರ ಧರ್ಮಸ್ಥಳ ಗ್ರಾಮಾಭಿವೃದ್ಧಿ ಯೋಜನೆಯ ವತಿಯಿಂದ ಮಂಜುನಾಥಪುರ ಗ್ರಾಮದ ಹಾಲು ಉತ್ಪಾದಕರ ಸಹಕಾರ ಸಂಘದ ಕಟ್ಟಡ ನಿರ್ಮಾಣಕ್ಕೆ 2 ಲಕ್ಷ ರೂಪಾಯಿ ಅನುದಾನದ ಚೆಕ್ ವಿತರಿಸಲಾಯಿತು. ಪೂಜ್ಯ ಡಾ. ಡಿ. ವೀರೇಂದ್ರ ಹೆಗ್ಗಡೆ ಅವರ ಮಾರ್ಗದರ್ಶನದಲ್ಲಿ ಗ್ರಾಮೀಣ ಅಭಿವೃದ್ಧಿಗೆ ಹಲವು ಕಾರ್ಯಕ್ರಮಗಳನ್ನು ಅನುಷ್ಠಾನಗೊಳಿಸಲಾಗುತ್ತಿದೆ ಎಂದು ಯೋಜನಾಧಿಕಾರಿಗಳು ತಿಳಿಸಿದರು. ಹೈನುಗಾರಿಕೆಯು ರೈತರ ಆರ್ಥಿಕ ಸ್ವಾವಲಂಬನೆಗೆ ಸಹಕಾರಿಯಾಗಿದ್ದು, ಸಂಘದ ಸದಸ್ಯರು ಈ ಅನುದಾನವನ್ನು ಸದ್ಬಳಕೆ ಮಾಡಿಕೊಳ್ಳಬೇಕು. ಈ ಒಂದು ಉತ್ತಮ ಕಾರ್ಯಕ್ಕೆ ಗ್ರಾಮಸ್ಥರು ಸಹಕಾರ ನೀಡಬೇಕು ಎಂದು ಹೇಳಿದರು. ಸಂಘದ ಅಧ್ಯಕ್ಷರು, ಪದಾಧಿಕಾರಿಗಳು ಹಾಗೂ ಗ್ರಾಮಸ್ಥರು ಉಪಸ್ಥಿತರಿದ್ದರು.
